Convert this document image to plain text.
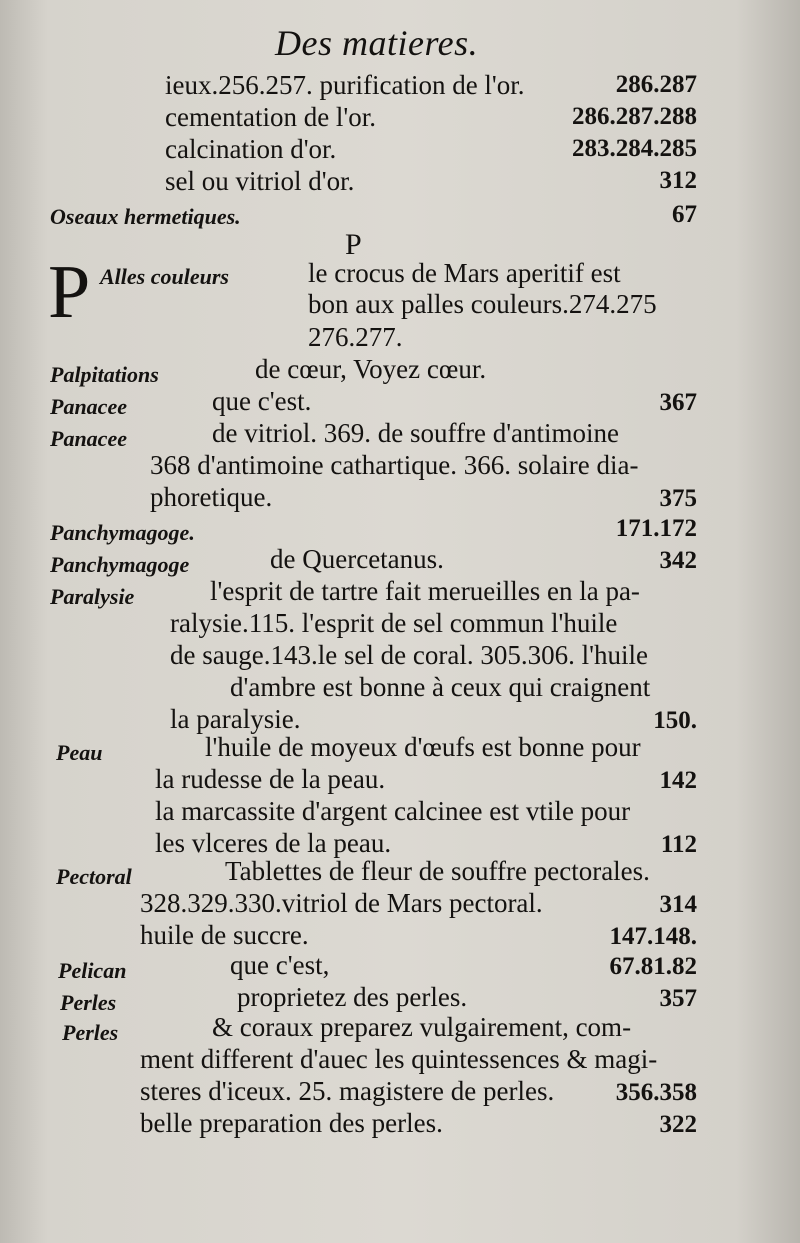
Des matieres.
ieux.256.257. purification de l'or.	286.287
cementation de l'or.	286.287.288
calcination d'or.	283.284.285
sel ou vitriol d'or.	312
Oseaux hermetiques.	67
P
P Alles couleurs	le crocus de Mars aperitif est
bon aux palles couleurs.274.275
276.277.
Palpitations	de cœur, Voyez cœur.
Panacee	que c'est.	367
Panacee	de vitriol. 369. de souffre d'antimoine
368 d'antimoine cathartique. 366. solaire dia-
phoretique.	375
Panchymagoge.	171.172
Panchymagoge	de Quercetanus.	342
Paralysie	l'esprit de tartre fait merueilles en la pa-
ralysie.115. l'esprit de sel commun l'huile
de sauge.143.le sel de coral. 305.306. l'huile
d'ambre est bonne à ceux qui craignent
la paralysie.	150.
Peau	l'huile de moyeux d'œufs est bonne pour
la rudesse de la peau.	142
la marcassite d'argent calcinee est vtile pour
les vlceres de la peau.	112
Pectoral	Tablettes de fleur de souffre pectorales.
328.329.330.vitriol de Mars pectoral.	314
huile de succre.	147.148.
Pelican	que c'est,	67.81.82
Perles	proprietez des perles.	357
Perles	& coraux preparez vulgairement, com-
ment different d'auec les quintessences & magi-
steres d'iceux. 25. magistere de perles. 356.358
belle preparation des perles.	322
